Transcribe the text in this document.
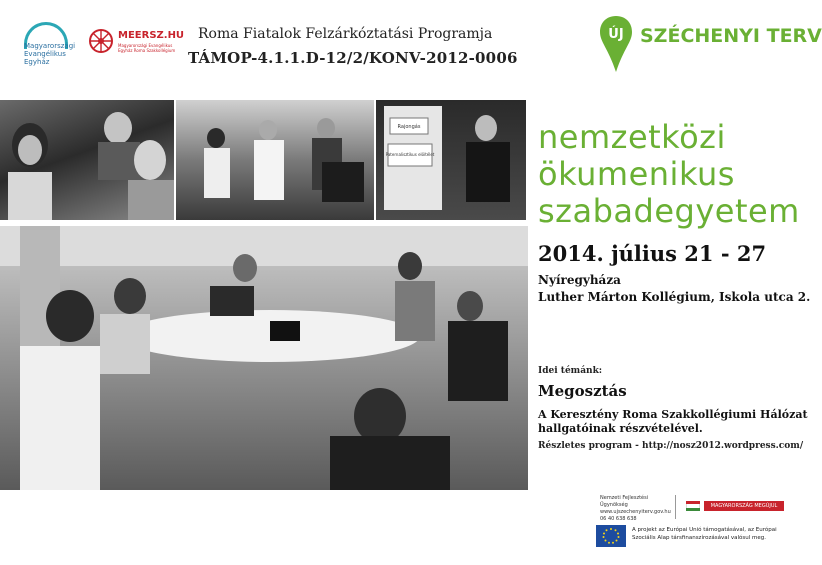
Magyarországi Evangélikus Egyház
MEERSZ.HU
Magyarországi Evangélikus Egyház Roma Szakkollégium
Roma Fiatalok Felzárkóztatási Programja
TÁMOP-4.1.1.D-12/2/KONV-2012-0006
ÚJ SZÉCHENYI TERV
Rajongás
Paternalisztikus elöítélet	nemzetközi
ökumenikus
szabadegyetem
2014. július 21 - 27
Nyíregyháza
Luther Márton Kollégium, Iskola utca 2.
Idei témánk:
Megosztás
A Keresztény Roma Szakkollégiumi Hálózat
hallgatóinak részvételével.
Részletes program - http://nosz2012.wordpress.com/
Nemzeti Fejlesztési Ügynökség
www.ujszechenyiterv.gov.hu
06 40 638 638
MAGYARORSZÁG MEGÚJUL
A projekt az Európai Unió támogatásával, az Európai Szociális Alap társfinanszírozásával valósul meg.
